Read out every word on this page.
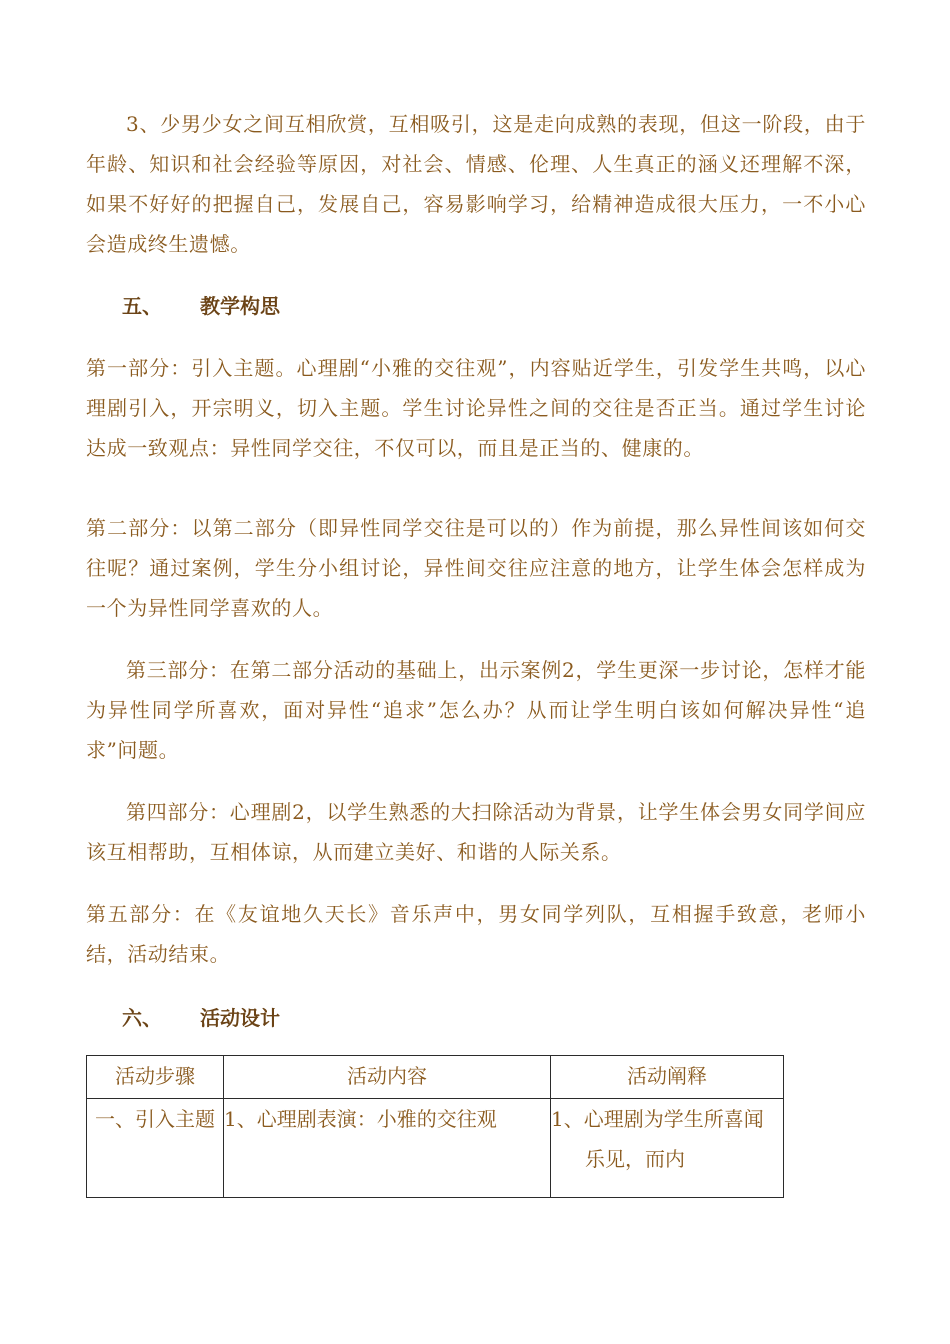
3、少男少女之间互相欣赏，互相吸引，这是走向成熟的表现，但这一阶段，由于年龄、知识和社会经验等原因，对社会、情感、伦理、人生真正的涵义还理解不深，如果不好好的把握自己，发展自己，容易影响学习，给精神造成很大压力，一不小心会造成终生遗憾。

五、	教学构思

第一部分：引入主题。心理剧“小雅的交往观”，内容贴近学生，引发学生共鸣，以心理剧引入，开宗明义，切入主题。学生讨论异性之间的交往是否正当。通过学生讨论达成一致观点：异性同学交往，不仅可以，而且是正当的、健康的。

第二部分：以第二部分（即异性同学交往是可以的）作为前提，那么异性间该如何交往呢？通过案例，学生分小组讨论，异性间交往应注意的地方，让学生体会怎样成为一个为异性同学喜欢的人。

第三部分：在第二部分活动的基础上，出示案例2，学生更深一步讨论，怎样才能为异性同学所喜欢，面对异性“追求”怎么办？从而让学生明白该如何解决异性“追求”问题。

第四部分：心理剧2，以学生熟悉的大扫除活动为背景，让学生体会男女同学间应该互相帮助，互相体谅，从而建立美好、和谐的人际关系。

第五部分：在《友谊地久天长》音乐声中，男女同学列队，互相握手致意，老师小结，活动结束。

六、	活动设计
活动步骤	活动内容	活动阐释
一、引入主题	1、心理剧表演：小雅的交往观	1、心理剧为学生所喜闻乐见，而内
